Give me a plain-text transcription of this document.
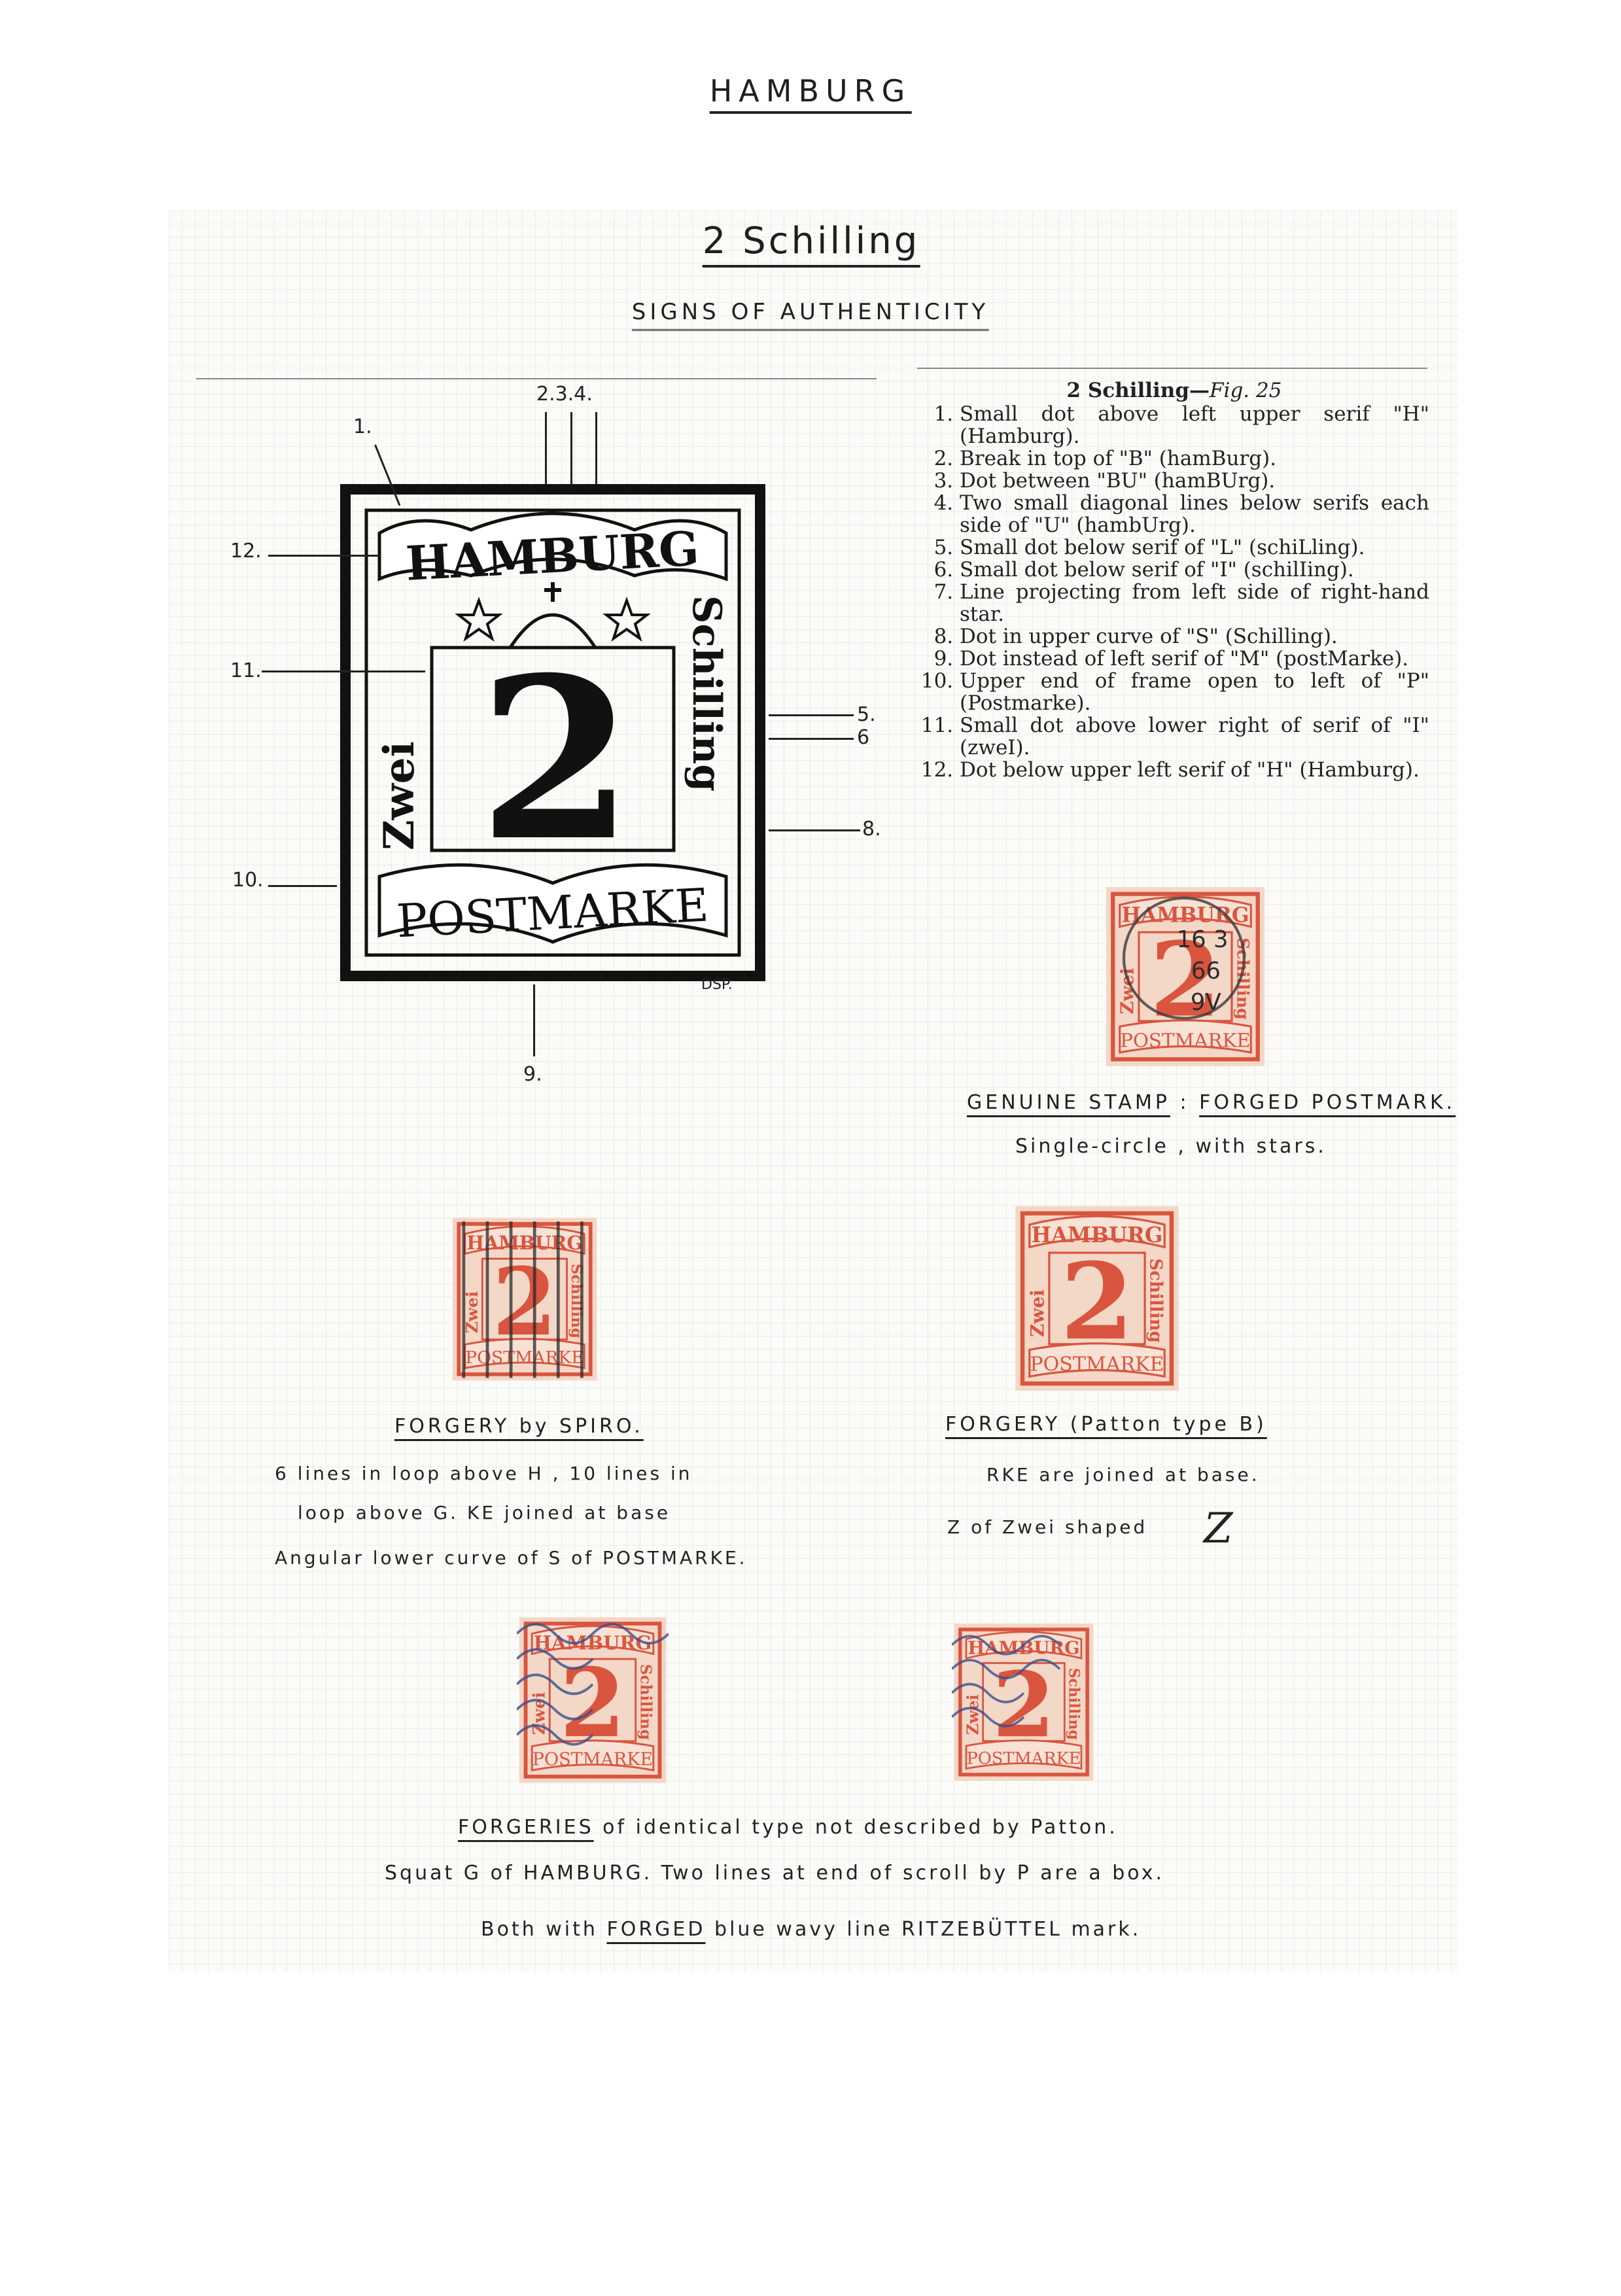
HAMBURG
2 Schilling
SIGNS OF AUTHENTICITY
HAMBURG
2
Zwei
Schilling
POSTMARKE
1.
2.3.4.
12.
11.
5.
6
8.
10.
9.
DSP.
2 Schilling—Fig. 25
1. Small dot above left upper serif "H" (Hamburg).
2. Break in top of "B" (hamBurg).
3. Dot between "BU" (hamBUrg).
4. Two small diagonal lines below serifs each side of "U" (hambUrg).
5. Small dot below serif of "L" (schiLling).
6. Small dot below serif of "I" (schilIing).
7. Line projecting from left side of right-hand star.
8. Dot in upper curve of "S" (Schilling).
9. Dot instead of left serif of "M" (postMarke).
10. Upper end of frame open to left of "P" (Postmarke).
11. Small dot above lower right of serif of "I" (zweI).
12. Dot below upper left serif of "H" (Hamburg).
16 3
66
9V
GENUINE STAMP : FORGED POSTMARK.
Single-circle , with stars.
FORGERY by SPIRO.
6 lines in loop above H , 10 lines in
loop above G. KE joined at base
Angular lower curve of S of POSTMARKE.
FORGERY (Patton type B)
RKE are joined at base.
Z of Zwei shaped Z
FORGERIES of identical type not described by Patton.
Squat G of HAMBURG. Two lines at end of scroll by P are a box.
Both with FORGED blue wavy line RITZEBÜTTEL mark.
